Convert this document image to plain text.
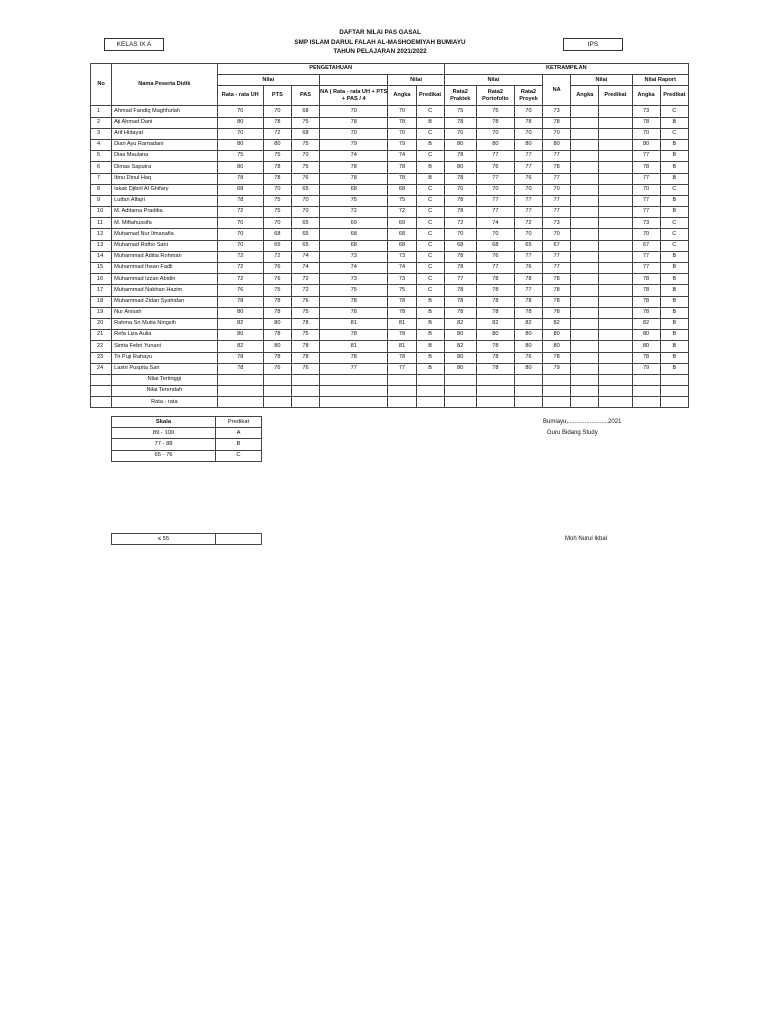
KELAS IX A	IPS
DAFTAR NILAI PAS GASAL
SMP ISLAM DARUL FALAH AL-MASHOEMIYAH BUMIAYU
TAHUN PELAJARAN 2021/2022
No	Nama Peserta Didik	PENGETAHUAN						KETRAMPILAN							
		Nilai				Nilai		Nilai			NA	Nilai		Nilai Raport	
		Rata - rata UH	PTS	PAS	NA ( Rata - rata UH + PTS + PAS / 4	Angka	Predikat	Rata2 Praktek	Rata2 Portofolio	Rata2 Proyek		Angka	Predikat	Angka	Predikat
1	Ahmad Fandiq Maghfurlah	70	70	68	70	70	C	75	75	70	73			73	C
2	Aji Ahmad Dani	80	78	75	78	78	B	78	78	78	78			78	B
3	Arif Hidayat	70	72	68	70	70	C	70	70	70	70			70	C
4	Dian Ayu Ramadani	80	80	75	79	79	B	80	80	80	80			80	B
5	Dias Maulana	75	75	70	74	74	C	78	77	77	77			77	B
6	Dimas Saputra	80	78	75	78	78	B	80	76	77	78			78	B
7	Ibnu Dinul Haq	78	78	76	78	78	B	78	77	76	77			77	B
8	Iskak Djibril Al Ghifary	68	70	65	68	68	C	70	70	70	70			70	C
9	Lutfan Alfajri	78	75	70	75	75	C	78	77	77	77			77	B
10	M. Aditama Praditia	72	75	70	72	72	C	78	77	77	77			77	B
11	M. Miftahussifa	70	70	65	69	69	C	72	74	72	73			73	C
12	Muhamad Nur Ilmanafia	70	68	65	68	68	C	70	70	70	70			70	C
13	Muhamad Ridho Sani	70	65	65	68	68	C	68	68	65	67			67	C
14	Muhammad Aditia Rohman	72	72	74	73	73	C	78	76	77	77			77	B
15	Muhammad Ihsan Fadli	72	76	74	74	74	C	78	77	76	77			77	B
16	Muhammad Izzan Abidin	72	76	72	73	73	C	77	78	78	78			78	B
17	Muhammad Nabhan Hazim	76	75	72	75	75	C	78	78	77	78			78	B
18	Muhammad Zidan Syahidan	78	78	76	78	78	B	78	78	78	78			78	B
19	Nur Anisah	80	78	75	78	78	B	78	78	78	78			78	B
20	Rahma Sri Mutia Ningsih	82	80	78	81	81	B	82	82	82	82			82	B
21	Refa Liza Aulia	80	78	75	78	78	B	80	80	80	80			80	B
22	Sintia Febri Yunani	82	80	78	81	81	B	82	78	80	80			80	B
23	Tri Puji Rahayu	78	78	78	78	78	B	80	78	76	78			78	B
24	Lastri Puspita Sari	78	76	76	77	77	B	80	78	80	79			79	B
	Nilai Tertinggi														
	Nilai Terendah														
	Rata - rata														
Skala	Predikat
89 - 100	A
77 - 88	B
65 - 76	C
≤ 55	
Bumiayu,........................2021
Guru Bidang Study
Moh Nurul Ikbal
